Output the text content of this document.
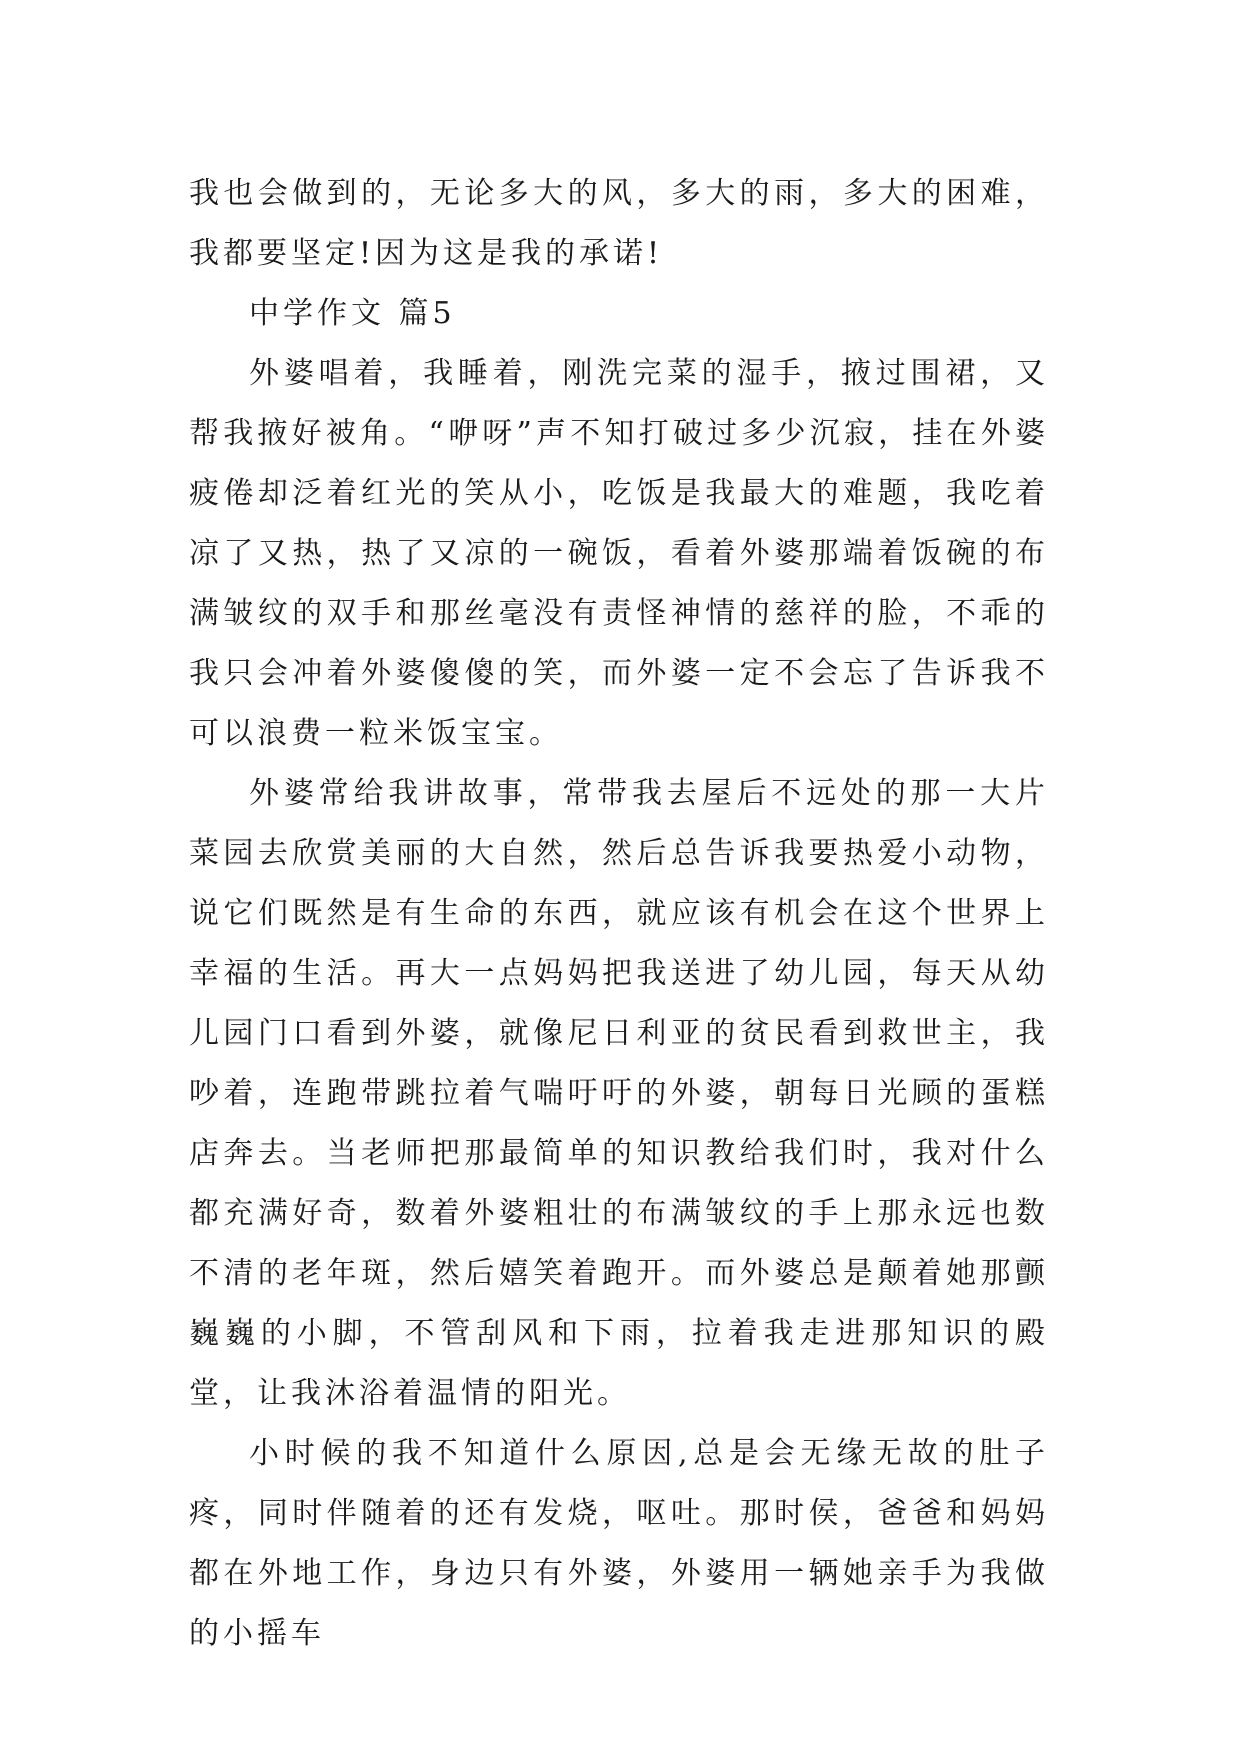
我也会做到的，无论多大的风，多大的雨，多大的困难，我都要坚定!因为这是我的承诺!

中学作文 篇5

外婆唱着，我睡着，刚洗完菜的湿手，掖过围裙，又帮我掖好被角。“咿呀”声不知打破过多少沉寂，挂在外婆疲倦却泛着红光的笑从小，吃饭是我最大的难题，我吃着凉了又热，热了又凉的一碗饭，看着外婆那端着饭碗的布满皱纹的双手和那丝毫没有责怪神情的慈祥的脸，不乖的我只会冲着外婆傻傻的笑，而外婆一定不会忘了告诉我不可以浪费一粒米饭宝宝。

外婆常给我讲故事，常带我去屋后不远处的那一大片菜园去欣赏美丽的大自然，然后总告诉我要热爱小动物，说它们既然是有生命的东西，就应该有机会在这个世界上幸福的生活。再大一点妈妈把我送进了幼儿园，每天从幼儿园门口看到外婆，就像尼日利亚的贫民看到救世主，我吵着，连跑带跳拉着气喘吁吁的外婆，朝每日光顾的蛋糕店奔去。当老师把那最简单的知识教给我们时，我对什么都充满好奇，数着外婆粗壮的布满皱纹的手上那永远也数不清的老年斑，然后嬉笑着跑开。而外婆总是颠着她那颤巍巍的小脚，不管刮风和下雨，拉着我走进那知识的殿堂，让我沐浴着温情的阳光。

小时候的我不知道什么原因,总是会无缘无故的肚子疼，同时伴随着的还有发烧，呕吐。那时侯，爸爸和妈妈都在外地工作，身边只有外婆，外婆用一辆她亲手为我做的小摇车
